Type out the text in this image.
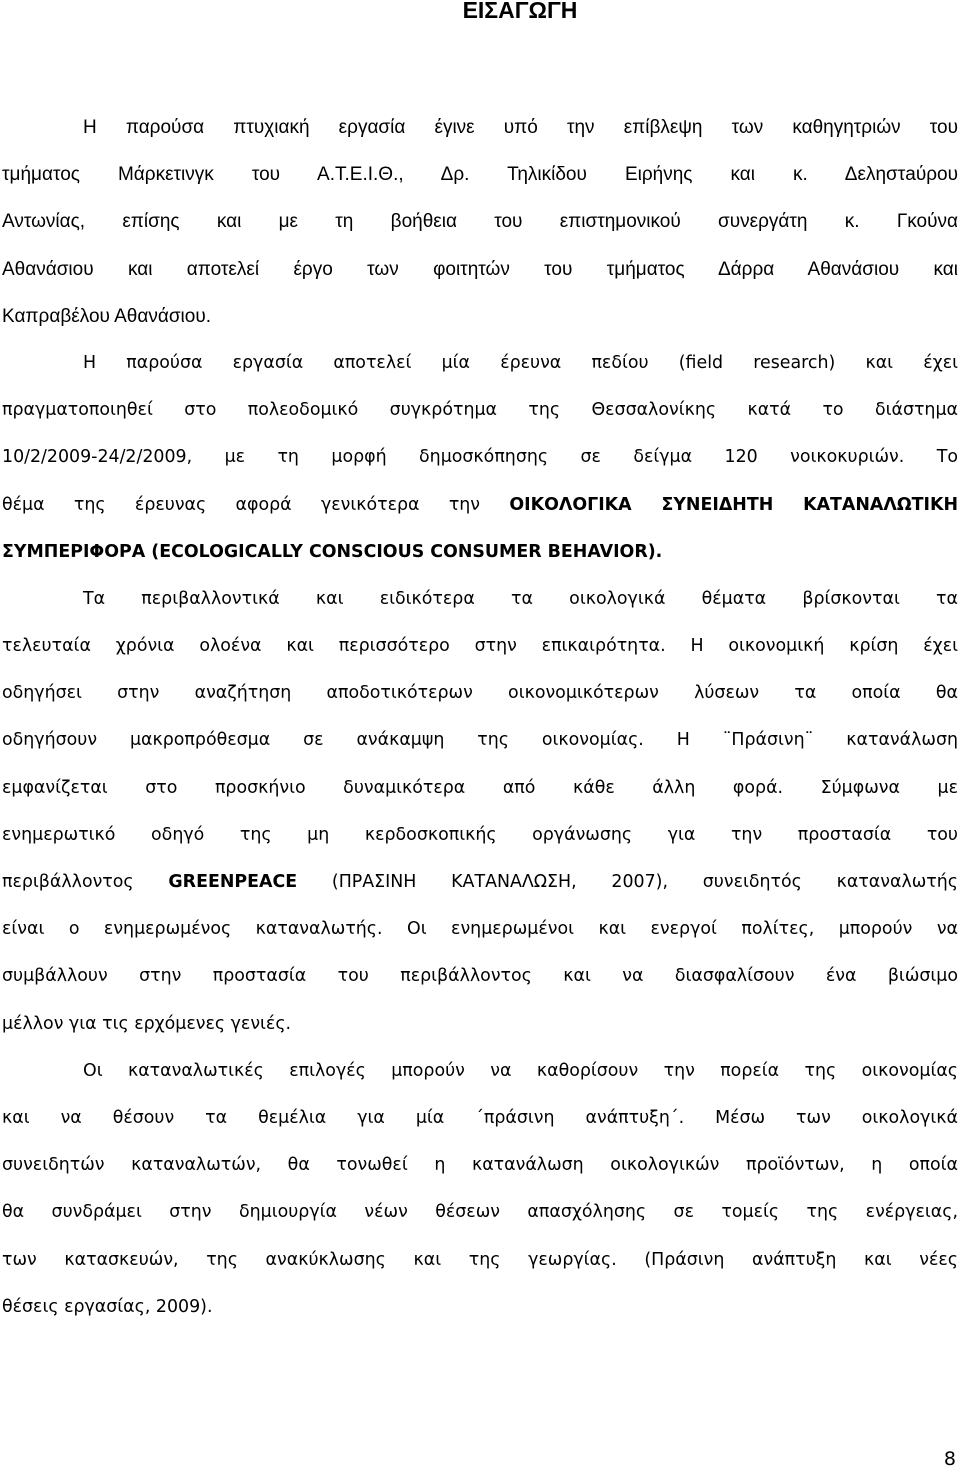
ΕΙΣΑΓΩΓΗ
Η παρούσα πτυχιακή εργασία έγινε υπό την επίβλεψη των καθηγητριών του
τμήματος Μάρκετινγκ του Α.Τ.Ε.Ι.Θ., Δρ. Τηλικίδου Ειρήνης και κ. Δεληστaύρου
Αντωνίας, επίσης και με τη βοήθεια του επιστημονικού συνεργάτη κ. Γκούνα
Αθανάσιου και αποτελεί έργο των φοιτητών του τμήματος Δάρρα Αθανάσιου και
Καπραβέλου Αθανάσιου.
Η παρούσα εργασία αποτελεί μία έρευνα πεδίου (field research) και έχει
πραγματοποιηθεί στο πολεοδομικό συγκρότημα της Θεσσαλονίκης κατά το διάστημα
10/2/2009-24/2/2009, με τη μορφή δημοσκόπησης σε δείγμα 120 νοικοκυριών. Το
θέμα της έρευνας αφορά γενικότερα την ΟΙΚΟΛΟΓΙΚΑ ΣΥΝΕΙΔΗΤΗ ΚΑΤΑΝΑΛΩΤΙΚΗ
ΣΥΜΠΕΡΙΦΟΡΑ (ECOLOGICALLY CONSCIOUS CONSUMER BEHAVIOR).
Τα περιβαλλοντικά και ειδικότερα τα οικολογικά θέματα βρίσκονται τα
τελευταία χρόνια ολοένα και περισσότερο στην επικαιρότητα. Η οικονομική κρίση έχει
οδηγήσει στην αναζήτηση αποδοτικότερων οικονομικότερων λύσεων τα οποία θα
οδηγήσουν μακροπρόθεσμα σε ανάκαμψη της οικονομίας. Η ¨Πράσινη¨ κατανάλωση
εμφανίζεται στο προσκήνιο δυναμικότερα από κάθε άλλη φορά. Σύμφωνα με
ενημερωτικό οδηγό της μη κερδοσκοπικής οργάνωσης για την προστασία του
περιβάλλοντος GREENPEACE (ΠΡΑΣΙΝΗ ΚΑΤΑΝΑΛΩΣΗ, 2007), συνειδητός καταναλωτής
είναι ο ενημερωμένος καταναλωτής. Οι ενημερωμένοι και ενεργοί πολίτες, μπορούν να
συμβάλλουν στην προστασία του περιβάλλοντος και να διασφαλίσουν ένα βιώσιμο
μέλλον για τις ερχόμενες γενιές.
Οι καταναλωτικές επιλογές μπορούν να καθορίσουν την πορεία της οικονομίας
και να θέσουν τα θεμέλια για μία ΄πράσινη ανάπτυξη΄. Μέσω των οικολογικά
συνειδητών καταναλωτών, θα τονωθεί η κατανάλωση οικολογικών προϊόντων, η οποία
θα συνδράμει στην δημιουργία νέων θέσεων απασχόλησης σε τομείς της ενέργειας,
των κατασκευών, της ανακύκλωσης και της γεωργίας. (Πράσινη ανάπτυξη και νέες
θέσεις εργασίας, 2009).
8
